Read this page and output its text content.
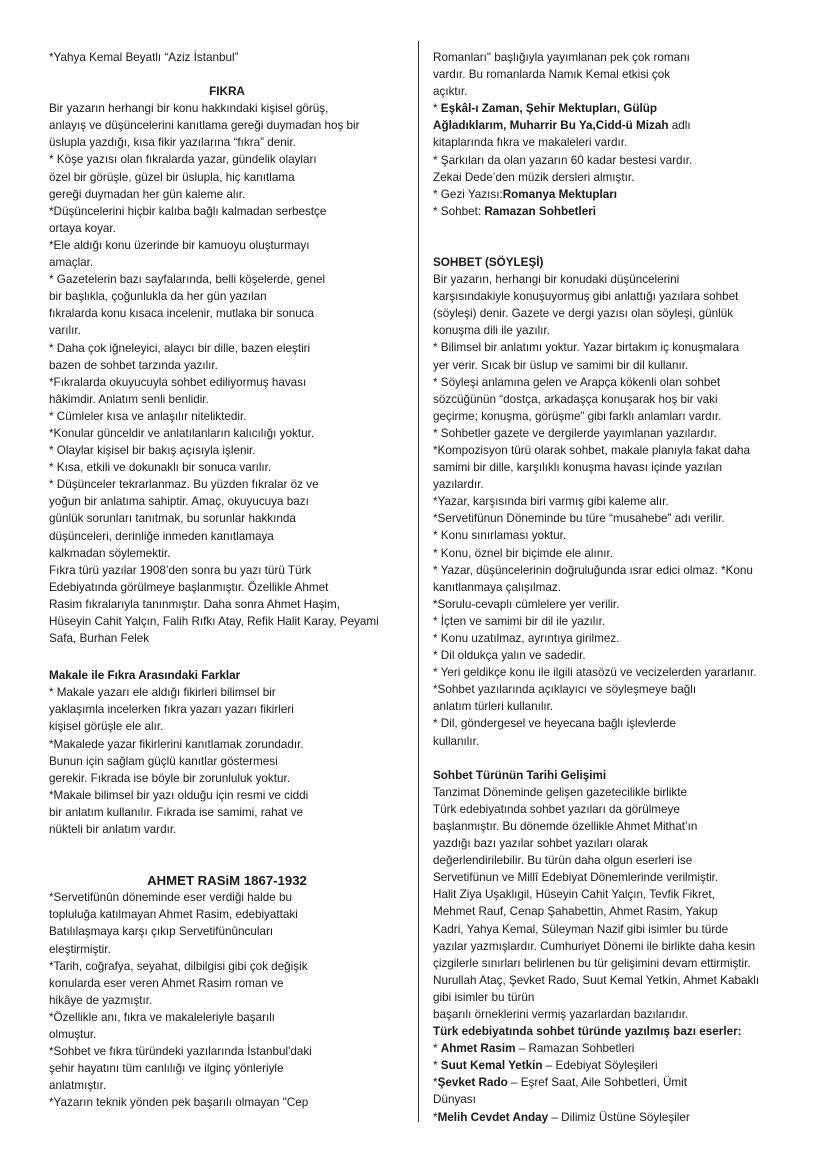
*Yahya Kemal Beyatlı “Aziz İstanbul”

FIKRA

Bir yazarın herhangi bir konu hakkındaki kişisel görüş,
anlayış ve düşüncelerini kanıtlama gereği duymadan hoş bir
üslupla yazdığı, kısa fikir yazılarına “fıkra” denir.
* Köşe yazısı olan fıkralarda yazar, gündelik olayları
özel bir görüşle, güzel bir üslupla, hiç kanıtlama
gereği duymadan her gün kaleme alır.
*Düşüncelerini hiçbir kalıba bağlı kalmadan serbestçe
ortaya koyar.
*Ele aldığı konu üzerinde bir kamuoyu oluşturmayı
amaçlar.
* Gazetelerin bazı sayfalarında, belli köşelerde, genel
bir başlıkla, çoğunlukla da her gün yazılan
fıkralarda konu kısaca incelenir, mutlaka bir sonuca
varılır.
* Daha çok iğneleyici, alaycı bir dille, bazen eleştiri
bazen de sohbet tarzında yazılır.
*Fıkralarda okuyucuyla sohbet ediliyormuş havası
hâkimdir. Anlatım senli benlidir.
* Cümleler kısa ve anlaşılır niteliktedir.
*Konular günceldir ve anlatılanların kalıcılığı yoktur.
* Olaylar kişisel bir bakış açısıyla işlenir.
* Kısa, etkili ve dokunaklı bir sonuca varılır.
* Düşünceler tekrarlanmaz. Bu yüzden fıkralar öz ve
yoğun bir anlatıma sahiptir. Amaç, okuyucuya bazı
günlük sorunları tanıtmak, bu sorunlar hakkında
düşünceleri, derinliğe inmeden kanıtlamaya
kalkmadan söylemektir.
Fıkra türü yazılar 1908’den sonra bu yazı türü Türk
Edebiyatında görülmeye başlanmıştır. Özellikle Ahmet
Rasim fıkralarıyla tanınmıştır. Daha sonra Ahmet Haşim,
Hüseyin Cahit Yalçın, Falih Rıfkı Atay, Refik Halit Karay, Peyami
Safa, Burhan Felek

Makale ile Fıkra Arasındaki Farklar

* Makale yazarı ele aldığı fikirleri bilimsel bir
yaklaşımla incelerken fıkra yazarı yazarı fikirleri
kişisel görüşle ele alır.
*Makalede yazar fikirlerini kanıtlamak zorundadır.
Bunun için sağlam güçlü kanıtlar göstermesi
gerekir. Fıkrada ise böyle bir zorunluluk yoktur.
*Makale bilimsel bir yazı olduğu için resmi ve ciddi
bir anlatım kullanılır. Fıkrada ise samimi, rahat ve
nükteli bir anlatım vardır.

AHMET RASiM 1867-1932

*Servetifünûn döneminde eser verdiği halde bu
topluluğa katılmayan Ahmet Rasim, edebiyattaki
Batılılaşmaya karşı çıkıp Servetifünûncuları
eleştirmiştir.
*Tarih, coğrafya, seyahat, dilbilgisi gibi çok değişik
konularda eser veren Ahmet Rasim roman ve
hikâye de yazmıştır.
*Özellikle anı, fıkra ve makaleleriyle başarılı
olmuştur.
*Sohbet ve fıkra türündeki yazılarında İstanbul'daki
şehir hayatını tüm canlılığı ve ilginç yönleriyle
anlatmıştır.
*Yazarın teknik yönden pek başarılı olmayan "Cep

Romanları" başlığıyla yayımlanan pek çok romanı
vardır. Bu romanlarda Namık Kemal etkisi çok
açıktır.

* Eşkâl-ı Zaman, Şehir Mektupları, Gülüp
Ağladıklarım, Muharrir Bu Ya,Cidd-ü Mizah adlı
kitaplarında fıkra ve makaleleri vardır.

* Şarkıları da olan yazarın 60 kadar bestesi vardır.
Zekai Dede’den müzik dersleri almıştır.

* Gezi Yazısı:Romanya Mektupları

* Sohbet: Ramazan Sohbetleri

SOHBET (SÖYLEŞİ)

Bir yazarın, herhangi bir konudaki düşüncelerini
karşısındakiyle konuşuyormuş gibi anlattığı yazılara sohbet
(söyleşi) denir. Gazete ve dergi yazısı olan söyleşi, günlük
konuşma dili ile yazılır.
* Bilimsel bir anlatımı yoktur. Yazar birtakım iç konuşmalara
yer verir. Sıcak bir üslup ve samimi bir dil kullanır.
* Söyleşi anlamına gelen ve Arapça kökenli olan sohbet
sözcüğünün “dostça, arkadaşça konuşarak hoş bir vaki
geçirme; konuşma, görüşme” gibi farklı anlamları vardır.
* Sohbetler gazete ve dergilerde yayımlanan yazılardır.
*Kompozisyon türü olarak sohbet, makale planıyla fakat daha
samimi bir dille, karşılıklı konuşma havası içinde yazılan
yazılardır.
*Yazar, karşısında biri varmış gibi kaleme alır.
*Servetifünun Döneminde bu türe “musahebe” adı verilir.
* Konu sınırlaması yoktur.
* Konu, öznel bir biçimde ele alınır.
* Yazar, düşüncelerinin doğruluğunda ısrar edici olmaz. *Konu
kanıtlanmaya çalışılmaz.
*Sorulu-cevaplı cümlelere yer verilir.
* İçten ve samimi bir dil ile yazılır.
* Konu uzatılmaz, ayrıntıya girilmez.
* Dil oldukça yalın ve sadedir.
* Yeri geldikçe konu ile ilgili atasözü ve vecizelerden yararlanır.
*Sohbet yazılarında açıklayıcı ve söyleşmeye bağlı
anlatım türleri kullanılır.
* Dil, göndergesel ve heyecana bağlı işlevlerde
kullanılır.

Sohbet Türünün Tarihi Gelişimi

Tanzimat Döneminde gelişen gazetecilikle birlikte
Türk edebiyatında sohbet yazıları da görülmeye
başlanmıştır. Bu dönemde özellikle Ahmet Mithat’ın
yazdığı bazı yazılar sohbet yazıları olarak
değerlendirilebilir. Bu türün daha olgun eserleri ise
Servetifünun ve Millî Edebiyat Dönemlerinde verilmiştir.
Halit Ziya Uşaklıgil, Hüseyin Cahit Yalçın, Tevfik Fikret,
Mehmet Rauf, Cenap Şahabettin, Ahmet Rasim, Yakup
Kadri, Yahya Kemal, Süleyman Nazif gibi isimler bu türde
yazılar yazmışlardır. Cumhuriyet Dönemi ile birlikte daha kesin
çizgilerle sınırları belirlenen bu tür gelişimini devam ettirmiştir.
Nurullah Ataç, Şevket Rado, Suut Kemal Yetkin, Ahmet Kabaklı
gibi isimler bu türün
başarılı örneklerini vermiş yazarlardan bazılarıdır.

Türk edebiyatında sohbet türünde yazılmış bazı eserler:

* Ahmet Rasim – Ramazan Sohbetleri

* Suut Kemal Yetkin – Edebiyat Söyleşileri

*Şevket Rado – Eşref Saat, Aile Sohbetleri, Ümit
Dünyası

*Melih Cevdet Anday – Dilimiz Üstüne Söyleşiler
